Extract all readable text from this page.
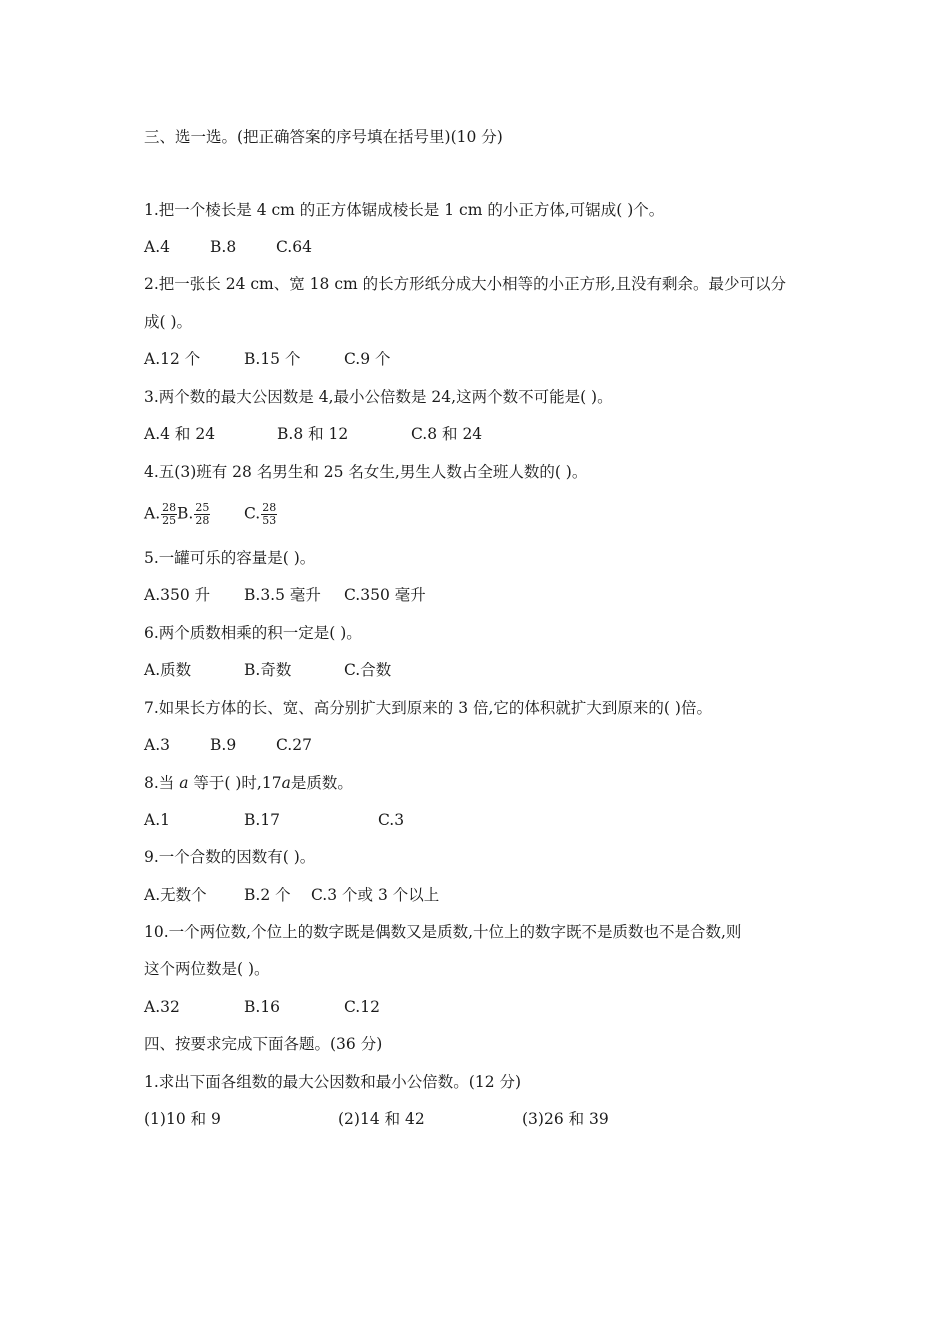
三、选一选。(把正确答案的序号填在括号里)(10 分)
1.把一个棱长是 4 cm 的正方体锯成棱长是 1 cm 的小正方体,可锯成( )个。
A.4	B.8	C.64
2.把一张长 24 cm、宽 18 cm 的长方形纸分成大小相等的小正方形,且没有剩余。最少可以分
成( )。
A.12 个	B.15 个	C.9 个
3.两个数的最大公因数是 4,最小公倍数是 24,这两个数不可能是( )。
A.4 和 24	B.8 和 12	C.8 和 24
4.五(3)班有 28 名男生和 25 名女生,男生人数占全班人数的( )。
A. $\frac{28}{25} B$. $\frac{25}{28} C$. $\frac{28}{53}$
5.一罐可乐的容量是( )。
A.350 升 B.3.5 毫升 C.350 毫升
6.两个质数相乘的积一定是( )。
A.质数	B.奇数	C.合数
7.如果长方体的长、宽、高分别扩大到原来的 3 倍,它的体积就扩大到原来的( )倍。
A.3	B.9	C.27
8.当 a 等于( )时,17a是质数。
A.1	B.17	C.3
9.一个合数的因数有( )。
A.无数个 B.2 个 C.3 个或 3 个以上
10.一个两位数,个位上的数字既是偶数又是质数,十位上的数字既不是质数也不是合数,则
这个两位数是( )。
A.32	B.16	C.12
四、按要求完成下面各题。(36 分)
1.求出下面各组数的最大公因数和最小公倍数。(12 分)
(1)10 和 9	(2)14 和 42	(3)26 和 39
